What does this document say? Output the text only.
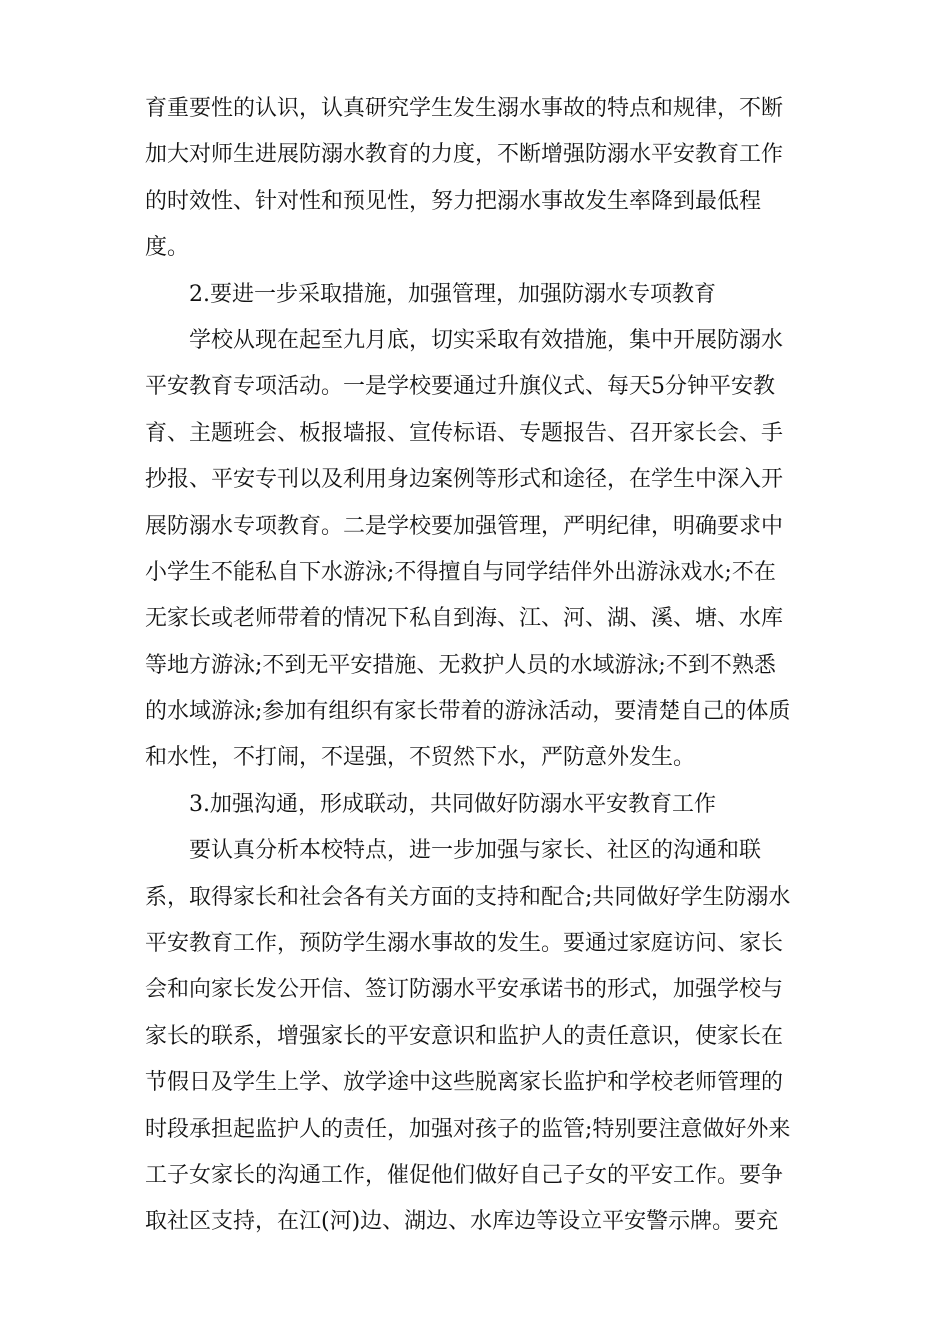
育重要性的认识，认真研究学生发生溺水事故的特点和规律，不断
加大对师生进展防溺水教育的力度，不断增强防溺水平安教育工作
的时效性、针对性和预见性，努力把溺水事故发生率降到最低程
度。
2.要进一步采取措施，加强管理，加强防溺水专项教育
学校从现在起至九月底，切实采取有效措施，集中开展防溺水
平安教育专项活动。一是学校要通过升旗仪式、每天5分钟平安教
育、主题班会、板报墙报、宣传标语、专题报告、召开家长会、手
抄报、平安专刊以及利用身边案例等形式和途径，在学生中深入开
展防溺水专项教育。二是学校要加强管理，严明纪律，明确要求中
小学生不能私自下水游泳;不得擅自与同学结伴外出游泳戏水;不在
无家长或老师带着的情况下私自到海、江、河、湖、溪、塘、水库
等地方游泳;不到无平安措施、无救护人员的水域游泳;不到不熟悉
的水域游泳;参加有组织有家长带着的游泳活动，要清楚自己的体质
和水性，不打闹，不逞强，不贸然下水，严防意外发生。
3.加强沟通，形成联动，共同做好防溺水平安教育工作
要认真分析本校特点，进一步加强与家长、社区的沟通和联
系，取得家长和社会各有关方面的支持和配合;共同做好学生防溺水
平安教育工作，预防学生溺水事故的发生。要通过家庭访问、家长
会和向家长发公开信、签订防溺水平安承诺书的形式，加强学校与
家长的联系，增强家长的平安意识和监护人的责任意识，使家长在
节假日及学生上学、放学途中这些脱离家长监护和学校老师管理的
时段承担起监护人的责任，加强对孩子的监管;特别要注意做好外来
工子女家长的沟通工作，催促他们做好自己子女的平安工作。要争
取社区支持，在江(河)边、湖边、水库边等设立平安警示牌。要充
